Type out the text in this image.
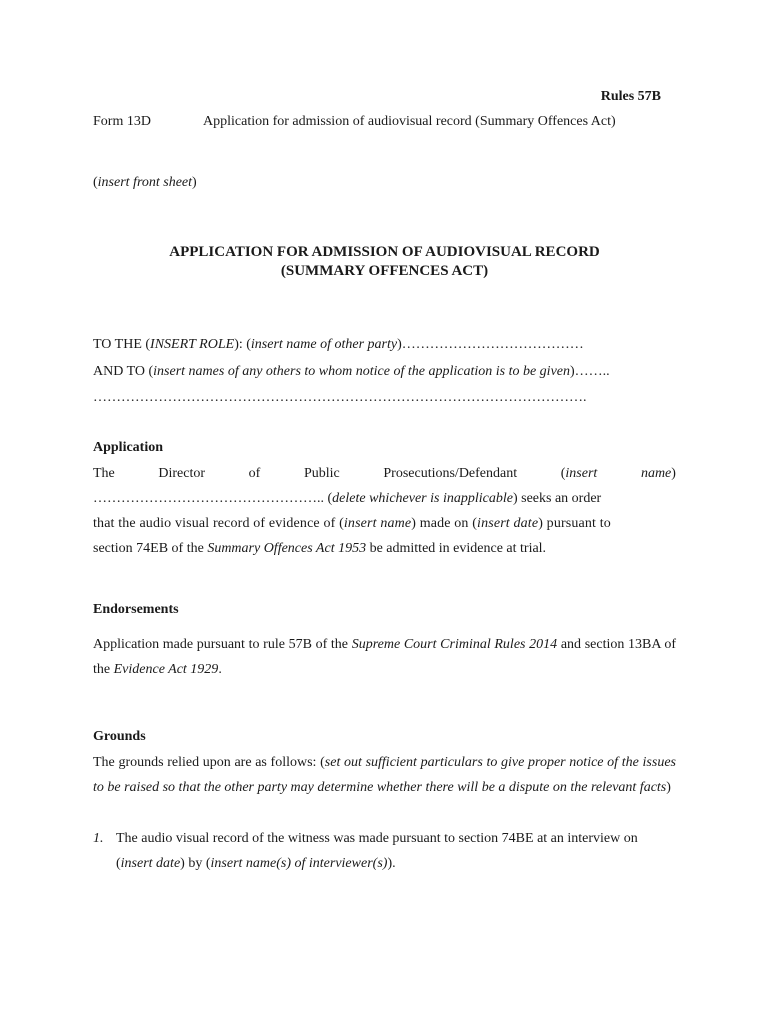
Rules 57B
Form 13D	Application for admission of audiovisual record (Summary Offences Act)
(insert front sheet)
APPLICATION FOR ADMISSION OF AUDIOVISUAL RECORD
(SUMMARY OFFENCES ACT)
TO THE (INSERT ROLE): (insert name of other party)…………………………………
AND TO (insert names of any others to whom notice of the application is to be given)……..
…………………………………………………………………………………………….
Application
The	Director	of	Public	Prosecutions/Defendant	(insert	name)
………………………………………….. (delete whichever is inapplicable) seeks an order
that the audio visual record of evidence of (insert name) made on (insert date) pursuant to
section 74EB of the Summary Offences Act 1953 be admitted in evidence at trial.
Endorsements
Application made pursuant to rule 57B of the Supreme Court Criminal Rules 2014 and section 13BA of the Evidence Act 1929.
Grounds
The grounds relied upon are as follows: (set out sufficient particulars to give proper notice of the issues to be raised so that the other party may determine whether there will be a dispute on the relevant facts)
1. The audio visual record of the witness was made pursuant to section 74BE at an interview on (insert date) by (insert name(s) of interviewer(s)).
